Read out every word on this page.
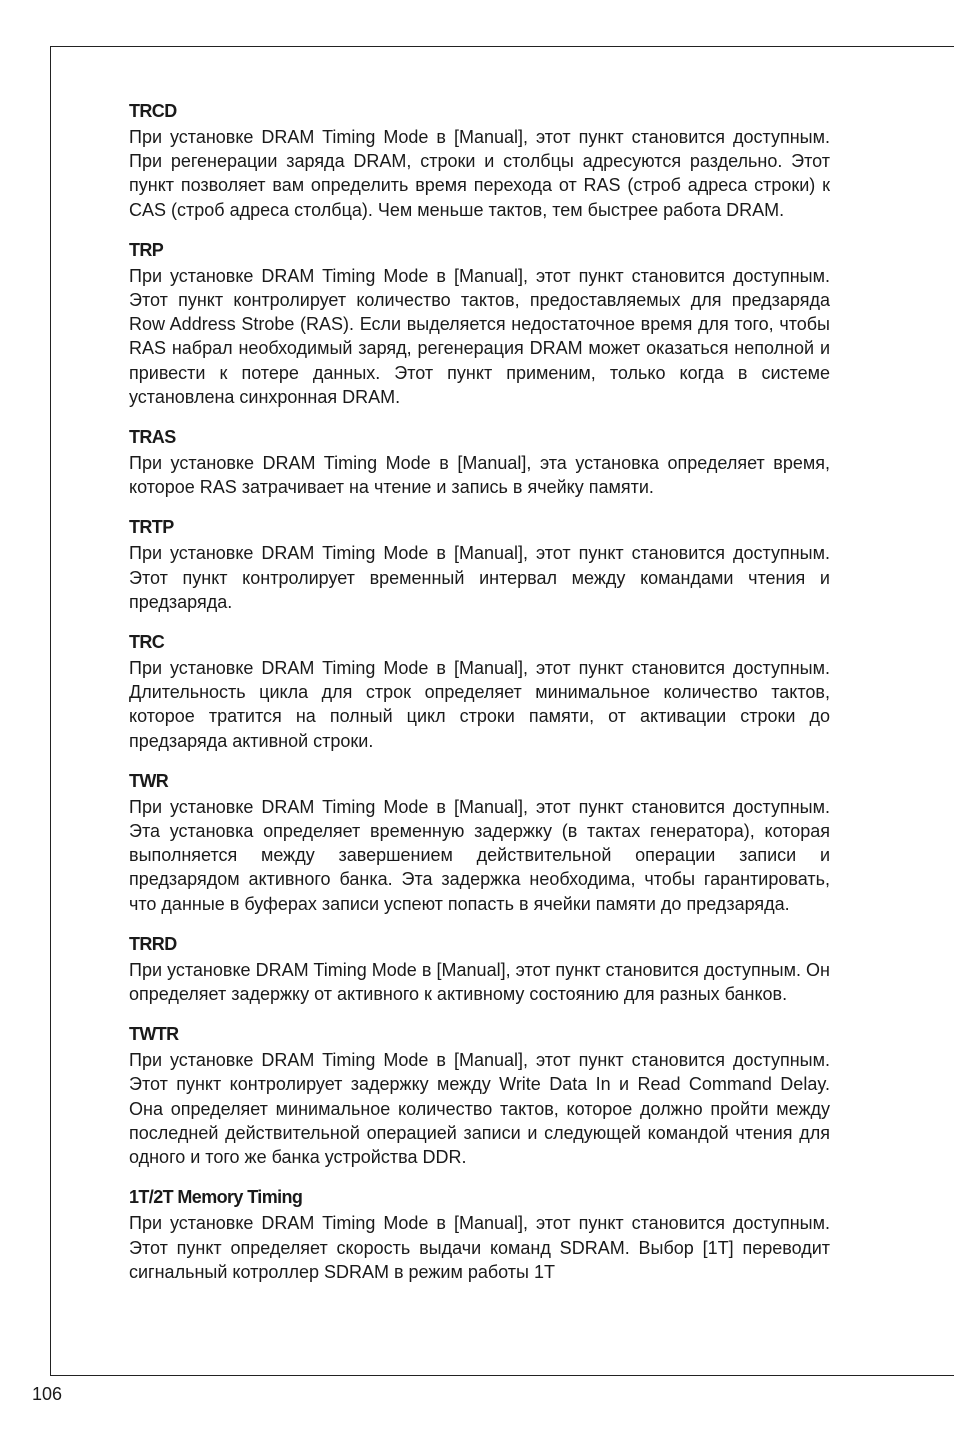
TRCD

При установке DRAM Timing Mode в [Manual], этот пункт становится доступным. При регенерации заряда DRAM, строки и столбцы адресуются раздельно. Этот пункт позволяет вам определить время перехода от RAS (строб адреса строки) к CAS (строб адреса столбца). Чем меньше тактов, тем быстрее работа DRAM.

TRP

При установке DRAM Timing Mode в [Manual], этот пункт становится доступным. Этот пункт контролирует количество тактов, предоставляемых для предзаряда Row Address Strobe (RAS). Если выделяется недостаточное время для того, чтобы RAS набрал необходимый заряд, регенерация DRAM может оказаться неполной и привести к потере данных. Этот пункт применим, только когда в системе установлена синхронная DRAM.

TRAS

При установке DRAM Timing Mode в [Manual], эта установка определяет время, которое RAS затрачивает на чтение и запись в ячейку памяти.

TRTP

При установке DRAM Timing Mode в [Manual], этот пункт становится доступным. Этот пункт контролирует временный интервал между командами чтения и предзаряда.

TRC

При установке DRAM Timing Mode в [Manual], этот пункт становится доступным. Длительность цикла для строк определяет минимальное количество тактов, которое тратится на полный цикл строки памяти, от активации строки до предзаряда активной строки.

TWR

При установке DRAM Timing Mode в [Manual], этот пункт становится доступным. Эта установка определяет временную задержку (в тактах генератора), которая выполняется между завершением действительной операции записи и предзарядом активного банка. Эта задержка необходима, чтобы гарантировать, что данные в буферах записи успеют попасть в ячейки памяти до предзаряда.

TRRD

При установке DRAM Timing Mode в [Manual], этот пункт становится доступным. Он определяет задержку от активного к активному состоянию для разных банков.

TWTR

При установке DRAM Timing Mode в [Manual], этот пункт становится доступным. Этот пункт контролирует задержку между Write Data In и Read Command Delay. Она определяет минимальное количество тактов, которое должно пройти между последней действительной операцией записи и следующей командой чтения для одного и того же банка устройства DDR.

1T/2T Memory Timing

При установке DRAM Timing Mode в [Manual], этот пункт становится доступным. Этот пункт определяет скорость выдачи команд SDRAM. Выбор [1T] переводит сигнальный котроллер SDRAM в режим работы 1T

106
